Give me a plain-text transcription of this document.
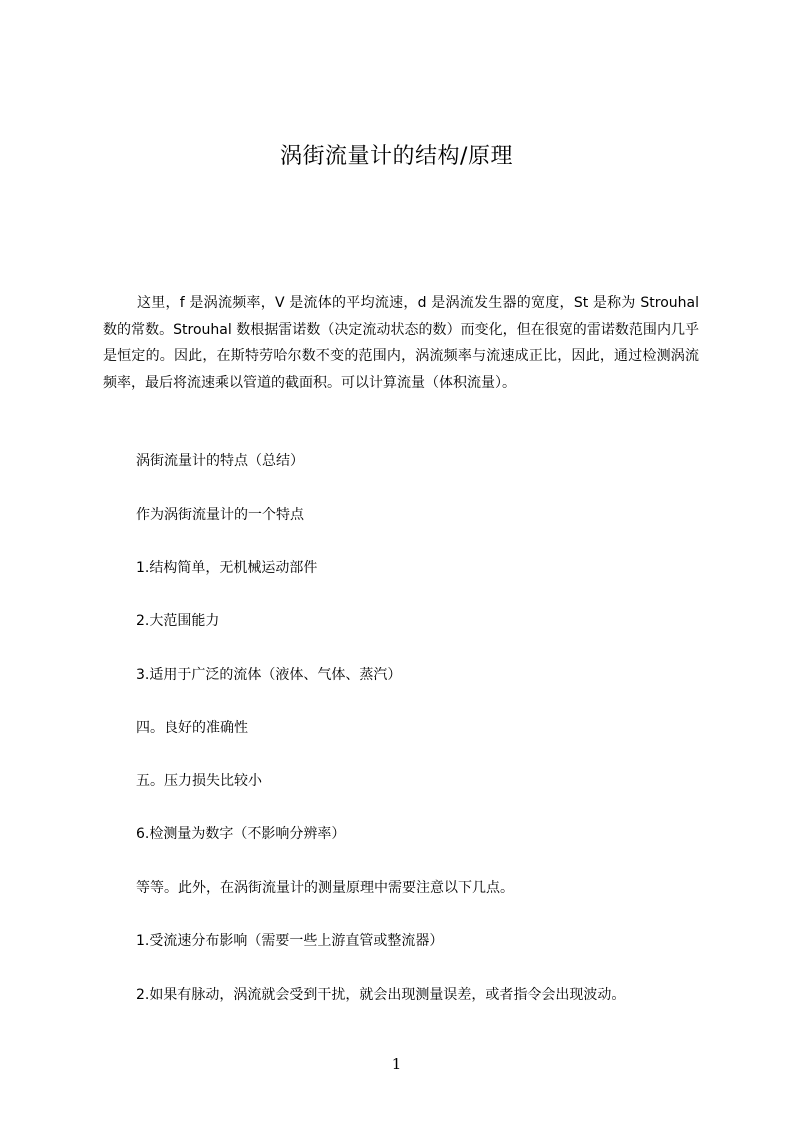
涡街流量计的结构/原理

这里，f 是涡流频率，V 是流体的平均流速，d 是涡流发生器的宽度，St 是称为 Strouhal 数的常数。Strouhal 数根据雷诺数（决定流动状态的数）而变化，但在很宽的雷诺数范围内几乎是恒定的。因此，在斯特劳哈尔数不变的范围内，涡流频率与流速成正比，因此，通过检测涡流频率，最后将流速乘以管道的截面积。可以计算流量（体积流量）。

涡街流量计的特点（总结）

作为涡街流量计的一个特点

1.结构简单，无机械运动部件

2.大范围能力

3.适用于广泛的流体（液体、气体、蒸汽）

四。良好的准确性

五。压力损失比较小

6.检测量为数字（不影响分辨率）

等等。此外，在涡街流量计的测量原理中需要注意以下几点。

1.受流速分布影响（需要一些上游直管或整流器）

2.如果有脉动，涡流就会受到干扰，就会出现测量误差，或者指令会出现波动。

1
